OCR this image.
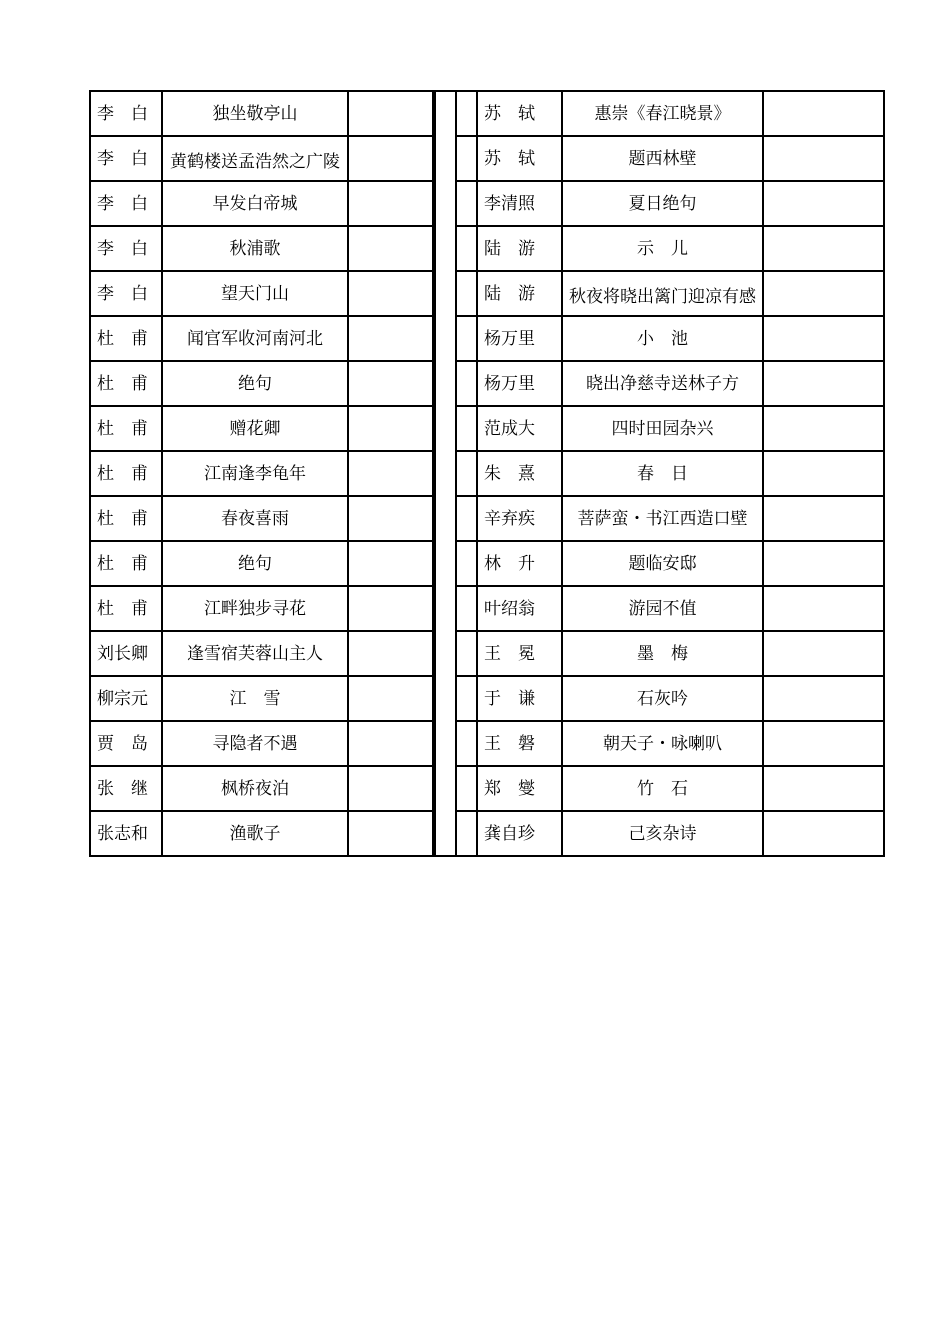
李　白	独坐敬亭山					苏　轼	惠崇《春江晓景》	

李　白	黄鹤楼送孟浩然之广陵					苏　轼	题西林壁	

李　白	早发白帝城					李清照	夏日绝句	

李　白	秋浦歌					陆　游	示　儿	

李　白	望天门山					陆　游	秋夜将晓出篱门迎凉有感	

杜　甫	闻官军收河南河北					杨万里	小　池	

杜　甫	绝句					杨万里	晓出净慈寺送林子方	

杜　甫	赠花卿					范成大	四时田园杂兴	

杜　甫	江南逢李龟年					朱　熹	春　日	

杜　甫	春夜喜雨					辛弃疾	菩萨蛮・书江西造口壁	

杜　甫	绝句					林　升	题临安邸	

杜　甫	江畔独步寻花					叶绍翁	游园不值	

刘长卿	逢雪宿芙蓉山主人					王　冕	墨　梅	

柳宗元	江　雪					于　谦	石灰吟	

贾　岛	寻隐者不遇					王　磐	朝天子・咏喇叭	

张　继	枫桥夜泊					郑　燮	竹　石	

张志和	渔歌子					龚自珍	己亥杂诗	
